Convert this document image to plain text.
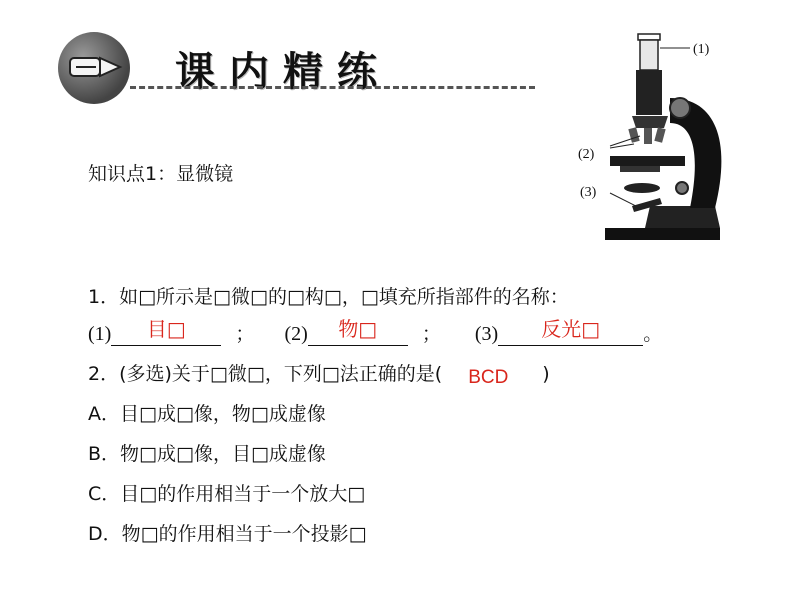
课内精练
知识点1：显微镜
1．如□所示是□微□的□构□，□填充所指部件的名称：
(1)	目□	； (2)	物□	； (3)	反光□	。
2．(多选)关于□微□，下列□法正确的是( BCD )
A．目□成□像，物□成虚像
B．物□成□像，目□成虚像
C．目□的作用相当于一个放大□
D．物□的作用相当于一个投影□
(1)
(2)
(3)
